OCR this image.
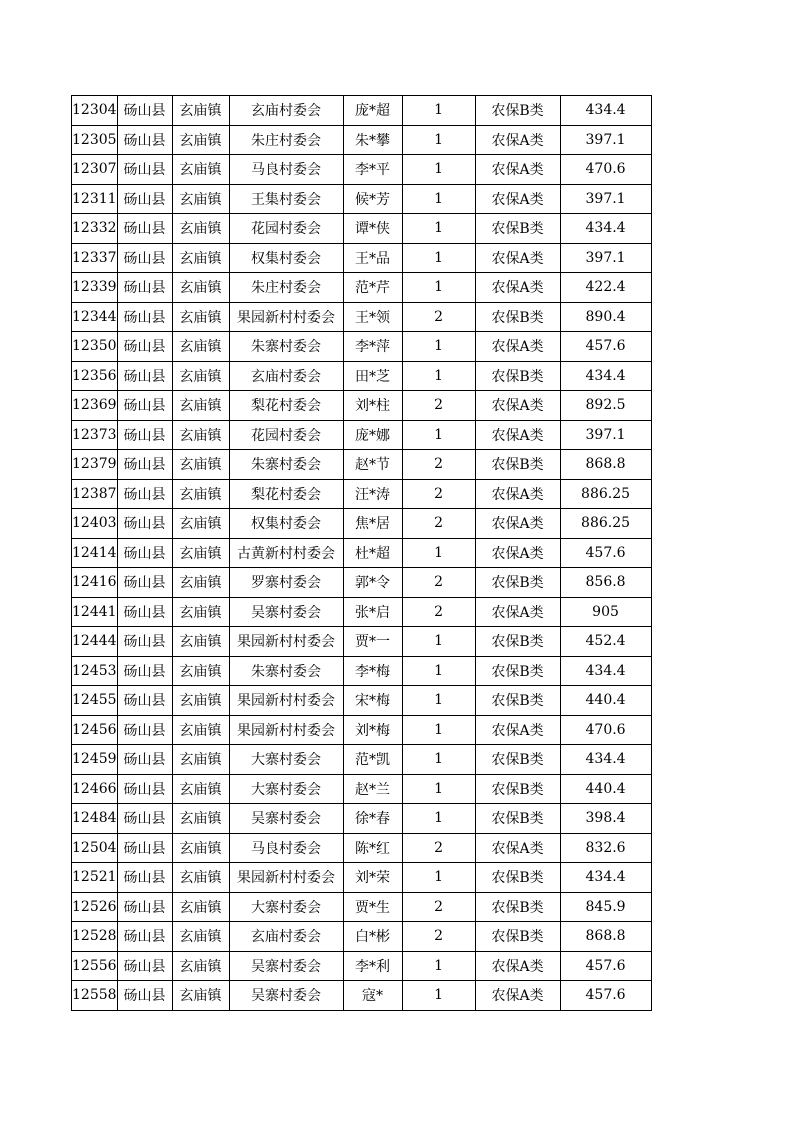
12304	砀山县	玄庙镇	玄庙村委会	庞*超	1	农保B类	434.4
12305	砀山县	玄庙镇	朱庄村委会	朱*攀	1	农保A类	397.1
12307	砀山县	玄庙镇	马良村委会	李*平	1	农保A类	470.6
12311	砀山县	玄庙镇	王集村委会	候*芳	1	农保A类	397.1
12332	砀山县	玄庙镇	花园村委会	谭*侠	1	农保B类	434.4
12337	砀山县	玄庙镇	权集村委会	王*品	1	农保A类	397.1
12339	砀山县	玄庙镇	朱庄村委会	范*芹	1	农保A类	422.4
12344	砀山县	玄庙镇	果园新村村委会	王*领	2	农保B类	890.4
12350	砀山县	玄庙镇	朱寨村委会	李*萍	1	农保A类	457.6
12356	砀山县	玄庙镇	玄庙村委会	田*芝	1	农保B类	434.4
12369	砀山县	玄庙镇	梨花村委会	刘*柱	2	农保A类	892.5
12373	砀山县	玄庙镇	花园村委会	庞*娜	1	农保A类	397.1
12379	砀山县	玄庙镇	朱寨村委会	赵*节	2	农保B类	868.8
12387	砀山县	玄庙镇	梨花村委会	汪*涛	2	农保A类	886.25
12403	砀山县	玄庙镇	权集村委会	焦*居	2	农保A类	886.25
12414	砀山县	玄庙镇	古黄新村村委会	杜*超	1	农保A类	457.6
12416	砀山县	玄庙镇	罗寨村委会	郭*令	2	农保B类	856.8
12441	砀山县	玄庙镇	吴寨村委会	张*启	2	农保A类	905
12444	砀山县	玄庙镇	果园新村村委会	贾*一	1	农保B类	452.4
12453	砀山县	玄庙镇	朱寨村委会	李*梅	1	农保B类	434.4
12455	砀山县	玄庙镇	果园新村村委会	宋*梅	1	农保B类	440.4
12456	砀山县	玄庙镇	果园新村村委会	刘*梅	1	农保A类	470.6
12459	砀山县	玄庙镇	大寨村委会	范*凯	1	农保B类	434.4
12466	砀山县	玄庙镇	大寨村委会	赵*兰	1	农保B类	440.4
12484	砀山县	玄庙镇	吴寨村委会	徐*春	1	农保B类	398.4
12504	砀山县	玄庙镇	马良村委会	陈*红	2	农保A类	832.6
12521	砀山县	玄庙镇	果园新村村委会	刘*荣	1	农保B类	434.4
12526	砀山县	玄庙镇	大寨村委会	贾*生	2	农保B类	845.9
12528	砀山县	玄庙镇	玄庙村委会	白*彬	2	农保B类	868.8
12556	砀山县	玄庙镇	吴寨村委会	李*利	1	农保A类	457.6
12558	砀山县	玄庙镇	吴寨村委会	寇*	1	农保A类	457.6
